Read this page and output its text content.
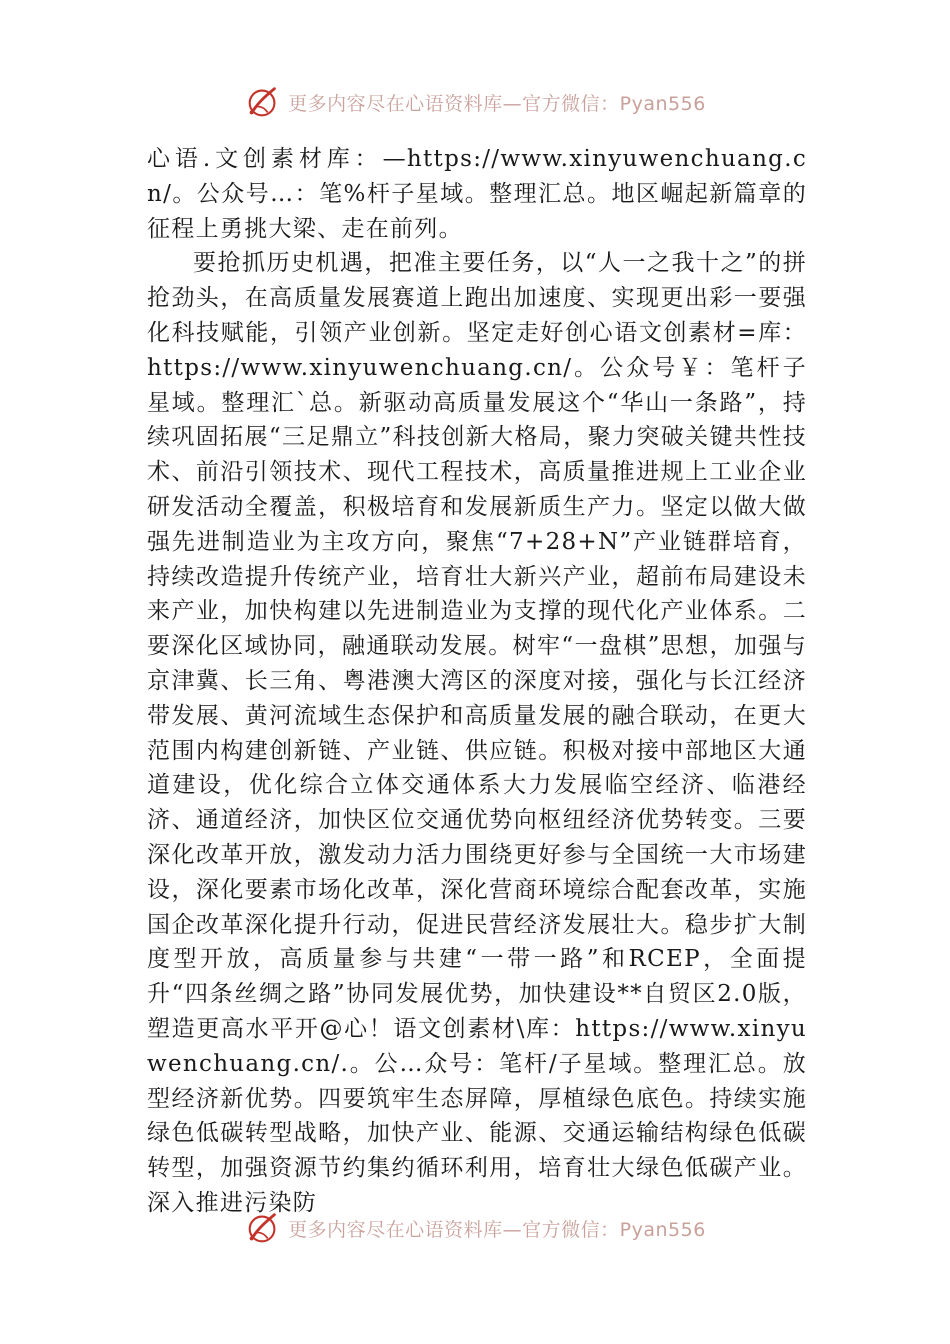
更多内容尽在心语资料库—官方微信：Pyan556

心语.文创素材库：—https://www.xinyuwenchuang.cn/。公众号…：笔%杆子星域。整理汇总。地区崛起新篇章的征程上勇挑大梁、走在前列。

要抢抓历史机遇，把准主要任务，以“人一之我十之”的拼抢劲头，在高质量发展赛道上跑出加速度、实现更出彩一要强化科技赋能，引领产业创新。坚定走好创心语文创素材=库：https://www.xinyuwenchuang.cn/。公众号￥：笔杆子星域。整理汇`总。新驱动高质量发展这个“华山一条路”，持续巩固拓展“三足鼎立”科技创新大格局，聚力突破关键共性技术、前沿引领技术、现代工程技术，高质量推进规上工业企业研发活动全覆盖，积极培育和发展新质生产力。坚定以做大做强先进制造业为主攻方向，聚焦“7+28+N”产业链群培育，持续改造提升传统产业，培育壮大新兴产业，超前布局建设未来产业，加快构建以先进制造业为支撑的现代化产业体系。二要深化区域协同，融通联动发展。树牢“一盘棋”思想，加强与京津冀、长三角、粤港澳大湾区的深度对接，强化与长江经济带发展、黄河流域生态保护和高质量发展的融合联动，在更大范围内构建创新链、产业链、供应链。积极对接中部地区大通道建设，优化综合立体交通体系大力发展临空经济、临港经济、通道经济，加快区位交通优势向枢纽经济优势转变。三要深化改革开放，激发动力活力围绕更好参与全国统一大市场建设，深化要素市场化改革，深化营商环境综合配套改革，实施国企改革深化提升行动，促进民营经济发展壮大。稳步扩大制度型开放，高质量参与共建“一带一路”和RCEP，全面提升“四条丝绸之路”协同发展优势，加快建设**自贸区2.0版，塑造更高水平开@心！语文创素材\库：https://www.xinyuwenchuang.cn/.。公…众号：笔杆/子星域。整理汇总。放型经济新优势。四要筑牢生态屏障，厚植绿色底色。持续实施绿色低碳转型战略，加快产业、能源、交通运输结构绿色低碳转型，加强资源节约集约循环利用，培育壮大绿色低碳产业。深入推进污染防

更多内容尽在心语资料库—官方微信：Pyan556
